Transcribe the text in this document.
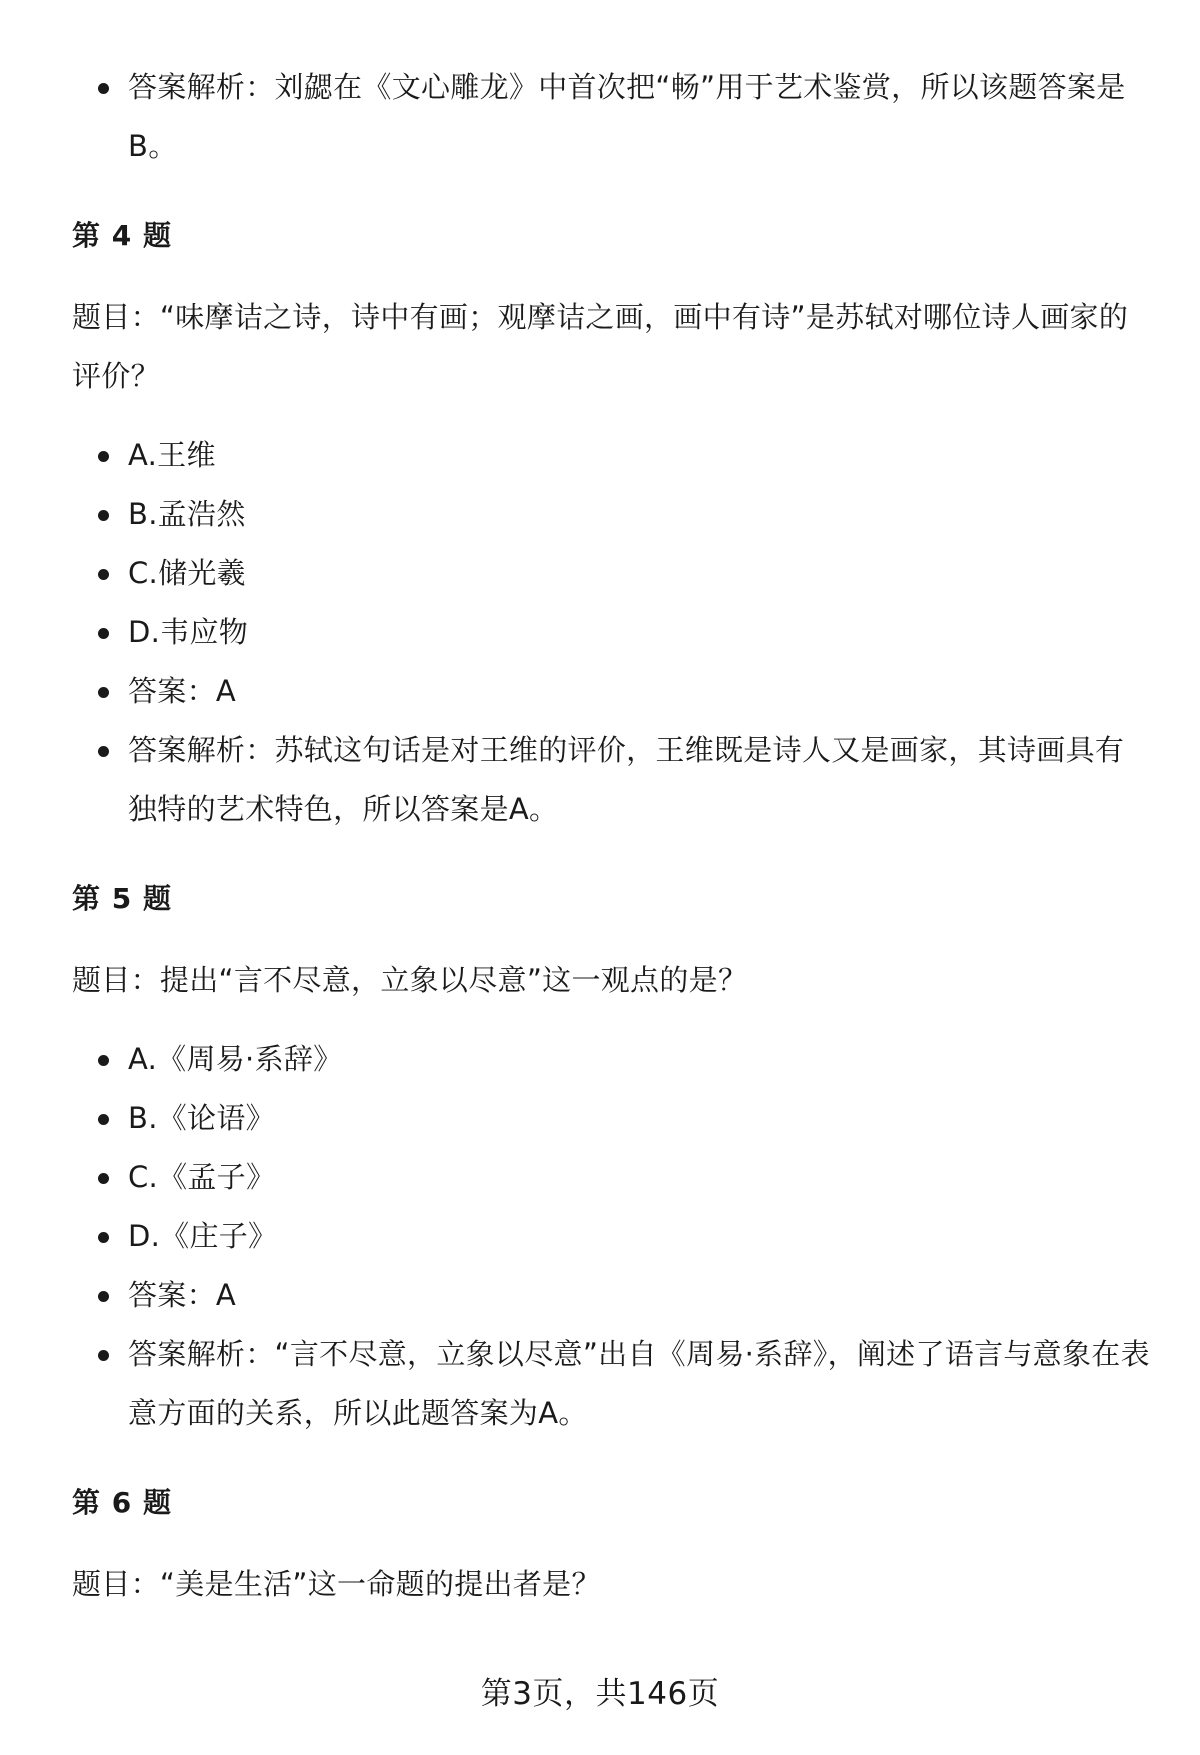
答案解析：刘勰在《文心雕龙》中首次把“畅”用于艺术鉴赏，所以该题答案是B。

第 4 题

题目：“味摩诘之诗，诗中有画；观摩诘之画，画中有诗”是苏轼对哪位诗人画家的评价？

A.王维
B.孟浩然
C.储光羲
D.韦应物
答案：A
答案解析：苏轼这句话是对王维的评价，王维既是诗人又是画家，其诗画具有独特的艺术特色，所以答案是A。

第 5 题

题目：提出“言不尽意，立象以尽意”这一观点的是？

A.《周易·系辞》
B.《论语》
C.《孟子》
D.《庄子》
答案：A
答案解析：“言不尽意，立象以尽意”出自《周易·系辞》，阐述了语言与意象在表意方面的关系，所以此题答案为A。

第 6 题

题目：“美是生活”这一命题的提出者是？

第3页，共146页
